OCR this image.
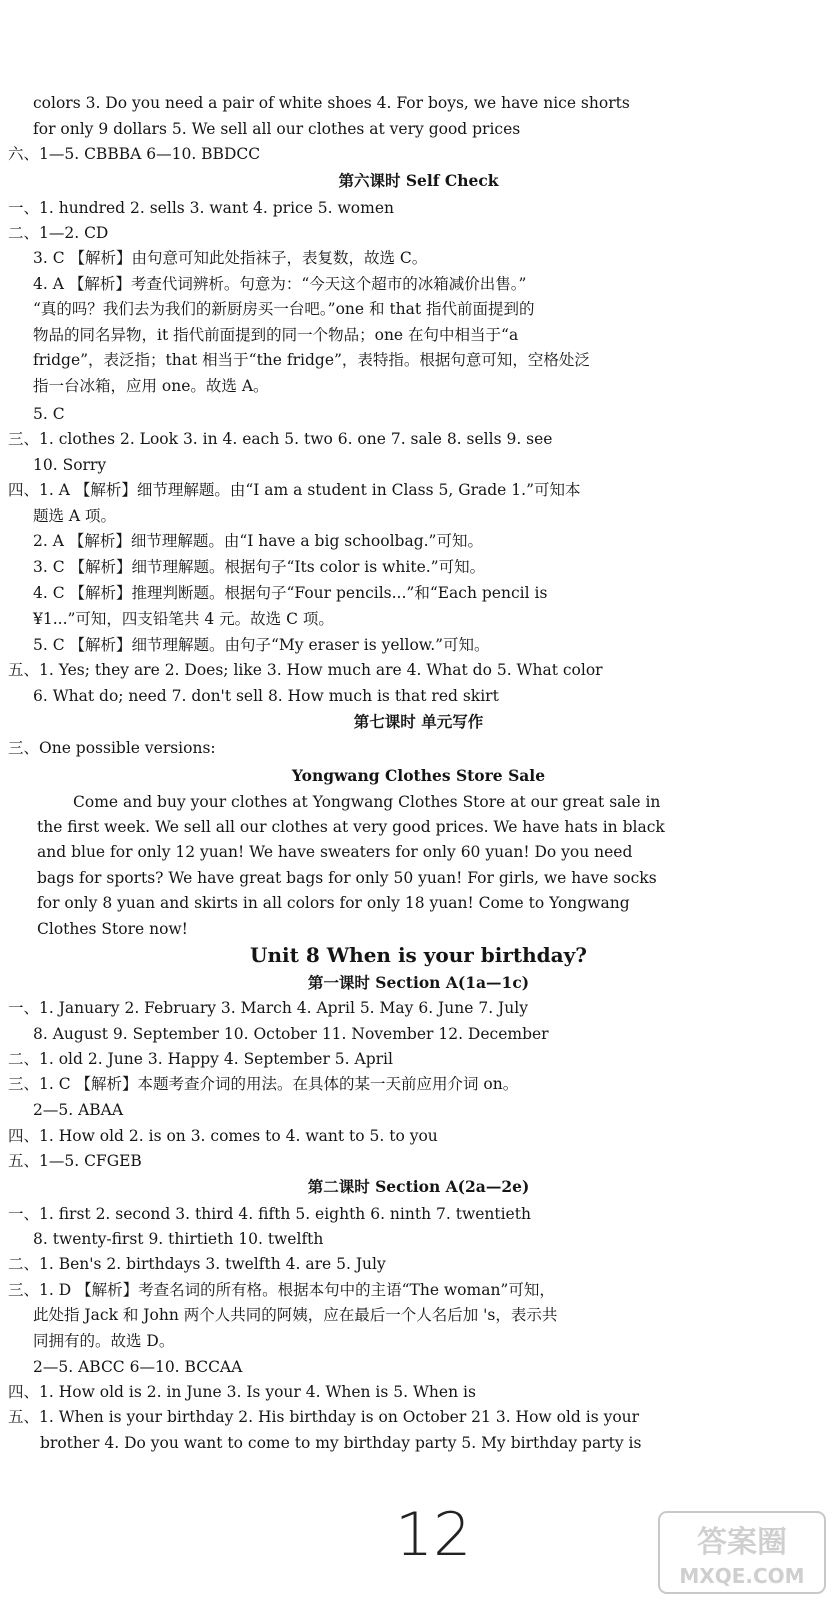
colors 3. Do you need a pair of white shoes 4. For boys, we have nice shorts
for only 9 dollars 5. We sell all our clothes at very good prices
六、1—5. CBBBA 6—10. BBDCC
第六课时 Self Check
一、1. hundred 2. sells 3. want 4. price 5. women
二、1—2. CD
3. C 【解析】由句意可知此处指袜子，表复数，故选 C。
4. A 【解析】考查代词辨析。句意为：“今天这个超市的冰箱减价出售。”
“真的吗？我们去为我们的新厨房买一台吧。”one 和 that 指代前面提到的
物品的同名异物，it 指代前面提到的同一个物品；one 在句中相当于“a
fridge”，表泛指；that 相当于“the fridge”，表特指。根据句意可知，空格处泛
指一台冰箱，应用 one。故选 A。
5. C
三、1. clothes 2. Look 3. in 4. each 5. two 6. one 7. sale 8. sells 9. see
10. Sorry
四、1. A 【解析】细节理解题。由“I am a student in Class 5, Grade 1.”可知本
题选 A 项。
2. A 【解析】细节理解题。由“I have a big schoolbag.”可知。
3. C 【解析】细节理解题。根据句子“Its color is white.”可知。
4. C 【解析】推理判断题。根据句子“Four pencils...”和“Each pencil is
¥1...”可知，四支铅笔共 4 元。故选 C 项。
5. C 【解析】细节理解题。由句子“My eraser is yellow.”可知。
五、1. Yes; they are 2. Does; like 3. How much are 4. What do 5. What color
6. What do; need 7. don't sell 8. How much is that red skirt
第七课时 单元写作
三、One possible versions:
Yongwang Clothes Store Sale
Come and buy your clothes at Yongwang Clothes Store at our great sale in
the first week. We sell all our clothes at very good prices. We have hats in black
and blue for only 12 yuan! We have sweaters for only 60 yuan! Do you need
bags for sports? We have great bags for only 50 yuan! For girls, we have socks
for only 8 yuan and skirts in all colors for only 18 yuan! Come to Yongwang
Clothes Store now!
Unit 8 When is your birthday?
第一课时 Section A(1a—1c)
一、1. January 2. February 3. March 4. April 5. May 6. June 7. July
8. August 9. September 10. October 11. November 12. December
二、1. old 2. June 3. Happy 4. September 5. April
三、1. C 【解析】本题考查介词的用法。在具体的某一天前应用介词 on。
2—5. ABAA
四、1. How old 2. is on 3. comes to 4. want to 5. to you
五、1—5. CFGEB
第二课时 Section A(2a—2e)
一、1. first 2. second 3. third 4. fifth 5. eighth 6. ninth 7. twentieth
8. twenty-first 9. thirtieth 10. twelfth
二、1. Ben's 2. birthdays 3. twelfth 4. are 5. July
三、1. D 【解析】考查名词的所有格。根据本句中的主语“The woman”可知，
此处指 Jack 和 John 两个人共同的阿姨，应在最后一个人名后加 's，表示共
同拥有的。故选 D。
2—5. ABCC 6—10. BCCAA
四、1. How old is 2. in June 3. Is your 4. When is 5. When is
五、1. When is your birthday 2. His birthday is on October 21 3. How old is your
brother 4. Do you want to come to my birthday party 5. My birthday party is
12	答案圈
MXQE.COM
